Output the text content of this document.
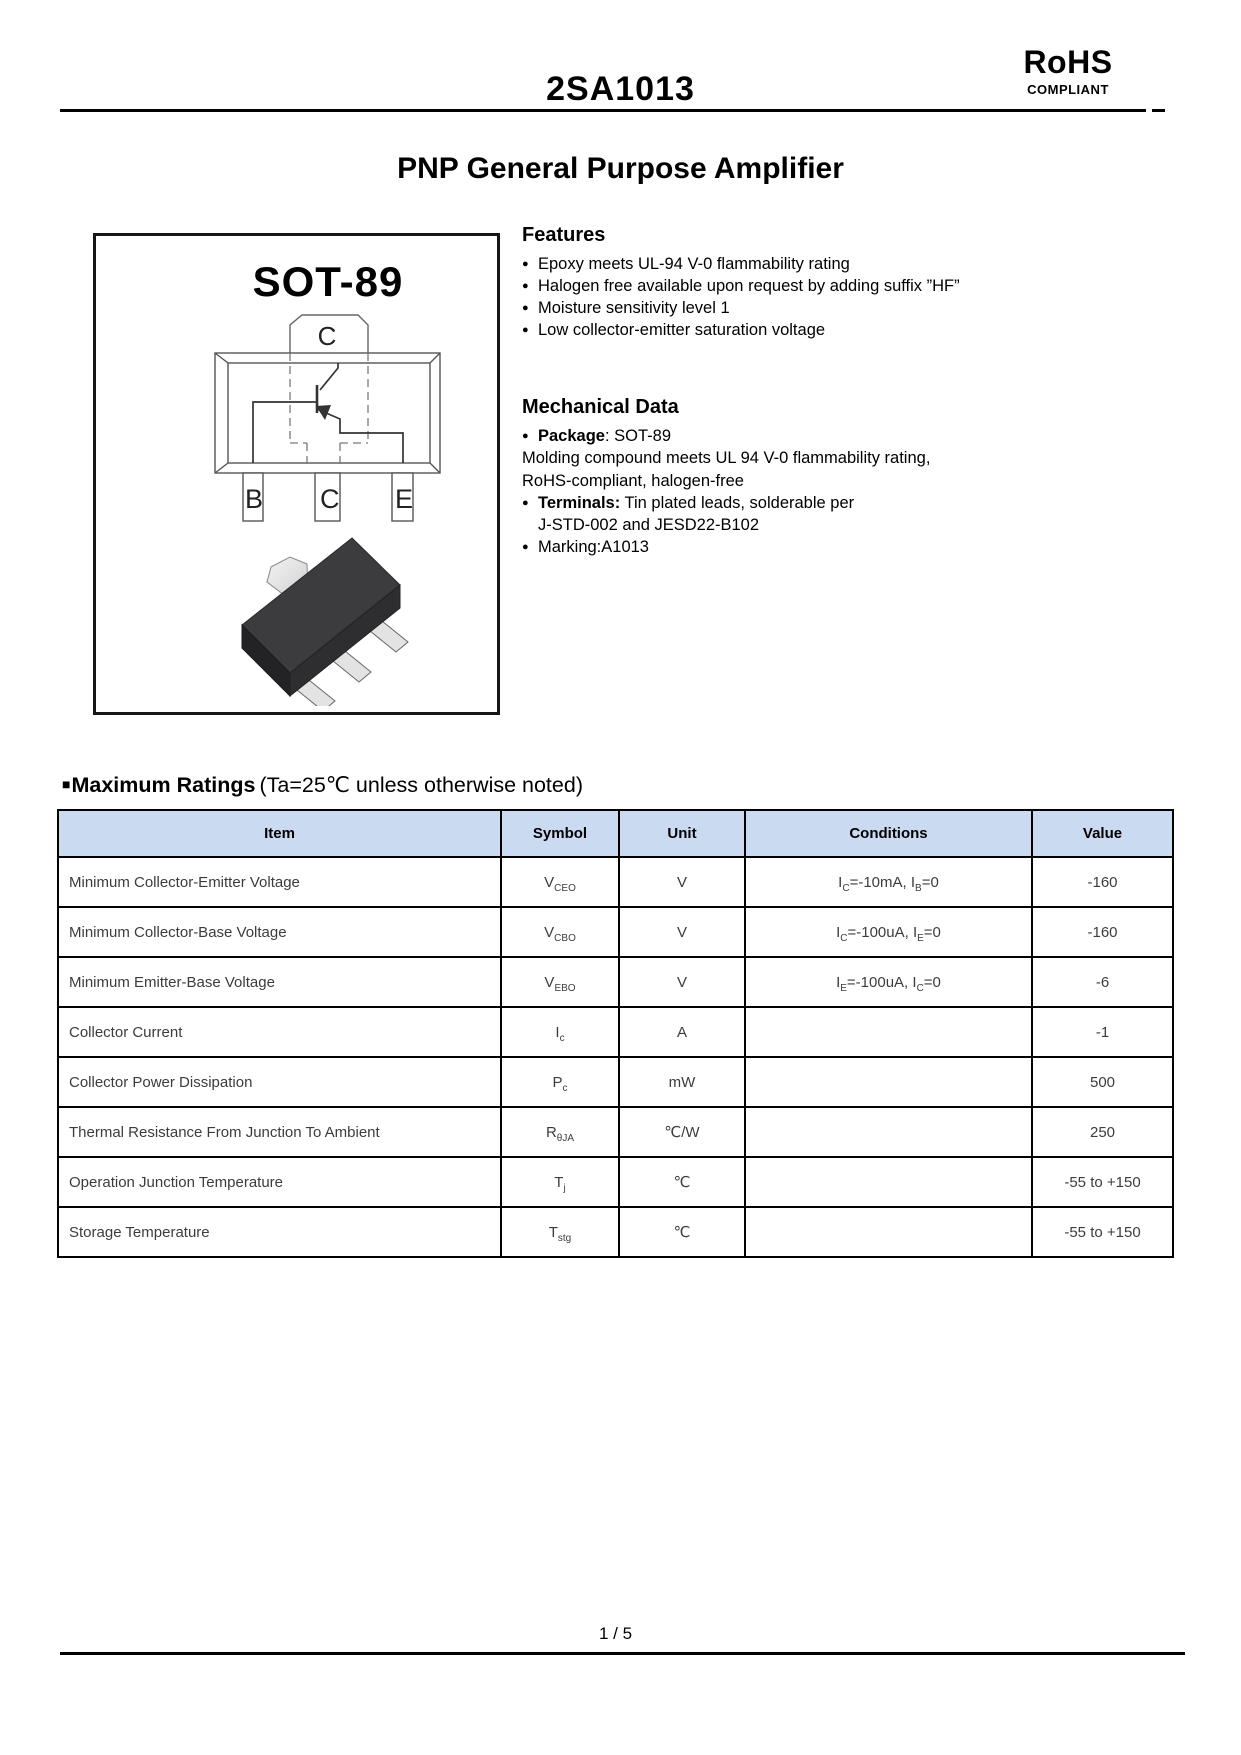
2SA1013
RoHS
COMPLIANT
PNP General Purpose Amplifier
SOT-89
C
B C E
Features
● Epoxy meets UL-94 V-0 flammability rating
● Halogen free available upon request by adding suffix ”HF”
● Moisture sensitivity level 1
● Low collector-emitter saturation voltage
Mechanical Data
● Package: SOT-89
Molding compound meets UL 94 V-0 flammability rating,
RoHS-compliant, halogen-free
● Terminals: Tin plated leads, solderable per
J-STD-002 and JESD22-B102
● Marking:A1013
■Maximum Ratings (Ta=25℃ unless otherwise noted)
Item	Symbol	Unit	Conditions	Value
Minimum Collector-Emitter Voltage	$V_{CEO}$	V	$I_C=-10mA$, $I_B=0$	-160
Minimum Collector-Base Voltage	$V_{CBO}$	V	$I_C=-100uA$, $I_E=0$	-160
Minimum Emitter-Base Voltage	$V_{EBO}$	V	$I_E=-100uA$, $I_C=0$	-6
Collector Current	$I_c$	A		-1
Collector Power Dissipation	$P_c$	mW		500
Thermal Resistance From Junction To Ambient	$R_{\theta JA}$	℃/W		250
Operation Junction Temperature	$T_j$	℃		-55 to +150
Storage Temperature	$T_{stg}$	℃		-55 to +150
1 / 5
